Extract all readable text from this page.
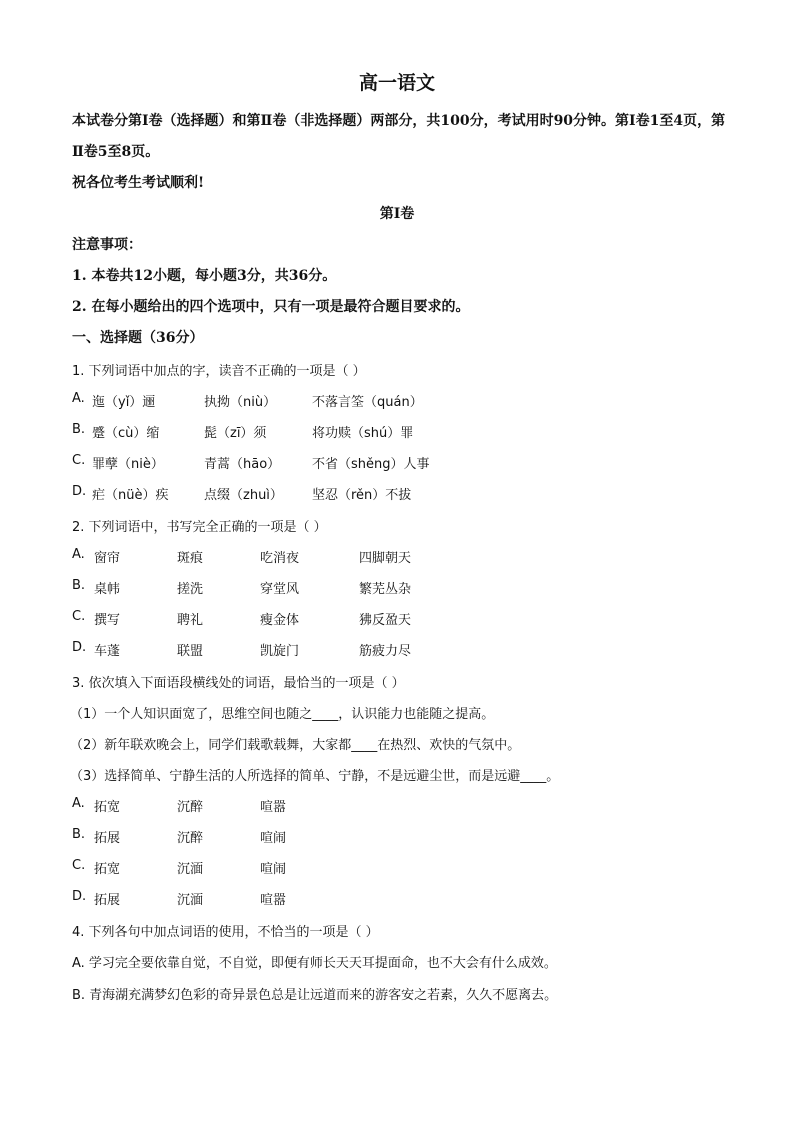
高一语文
本试卷分第Ⅰ卷（选择题）和第Ⅱ卷（非选择题）两部分，共100分，考试用时90分钟。第Ⅰ卷1至4页，第Ⅱ卷5至8页。
祝各位考生考试顺利!
第Ⅰ卷
注意事项：
1. 本卷共12小题，每小题3分，共36分。
2. 在每小题给出的四个选项中，只有一项是最符合题目要求的。
一、选择题（36分）
1. 下列词语中加点的字，读音不正确的一项是（ ）
A. 迤（yǐ）逦	执拗（niù）	不落言筌（quán）
B. 蹙（cù）缩	髭（zī）须	将功赎（shú）罪
C. 罪孽（niè）	青蒿（hāo） 不省（shěng）人事
D. 疟（nüè）疾	点缀（zhuì） 坚忍（rěn）不拔
2. 下列词语中，书写完全正确的一项是（ ）
A. 窗帘	斑痕	吃消夜	四脚朝天
B. 桌帏	搓洗	穿堂风	繁芜丛杂
C. 撰写	聘礼	瘦金体	狒反盈天
D. 车蓬	联盟	凯旋门	筋疲力尽
3. 依次填入下面语段横线处的词语，最恰当的一项是（ ）
（1）一个人知识面宽了，思维空间也随之____，认识能力也能随之提高。
（2）新年联欢晚会上，同学们载歌载舞，大家都____在热烈、欢快的气氛中。
（3）选择简单、宁静生活的人所选择的简单、宁静，不是远避尘世，而是远避____。
A. 拓宽	沉醉	喧嚣
B. 拓展	沉醉	喧闹
C. 拓宽	沉湎	喧闹
D. 拓展	沉湎	喧嚣
4. 下列各句中加点词语的使用，不恰当的一项是（ ）
A. 学习完全要依靠自觉，不自觉，即便有师长天天耳提面命，也不大会有什么成效。
B. 青海湖充满梦幻色彩的奇异景色总是让远道而来的游客安之若素，久久不愿离去。
